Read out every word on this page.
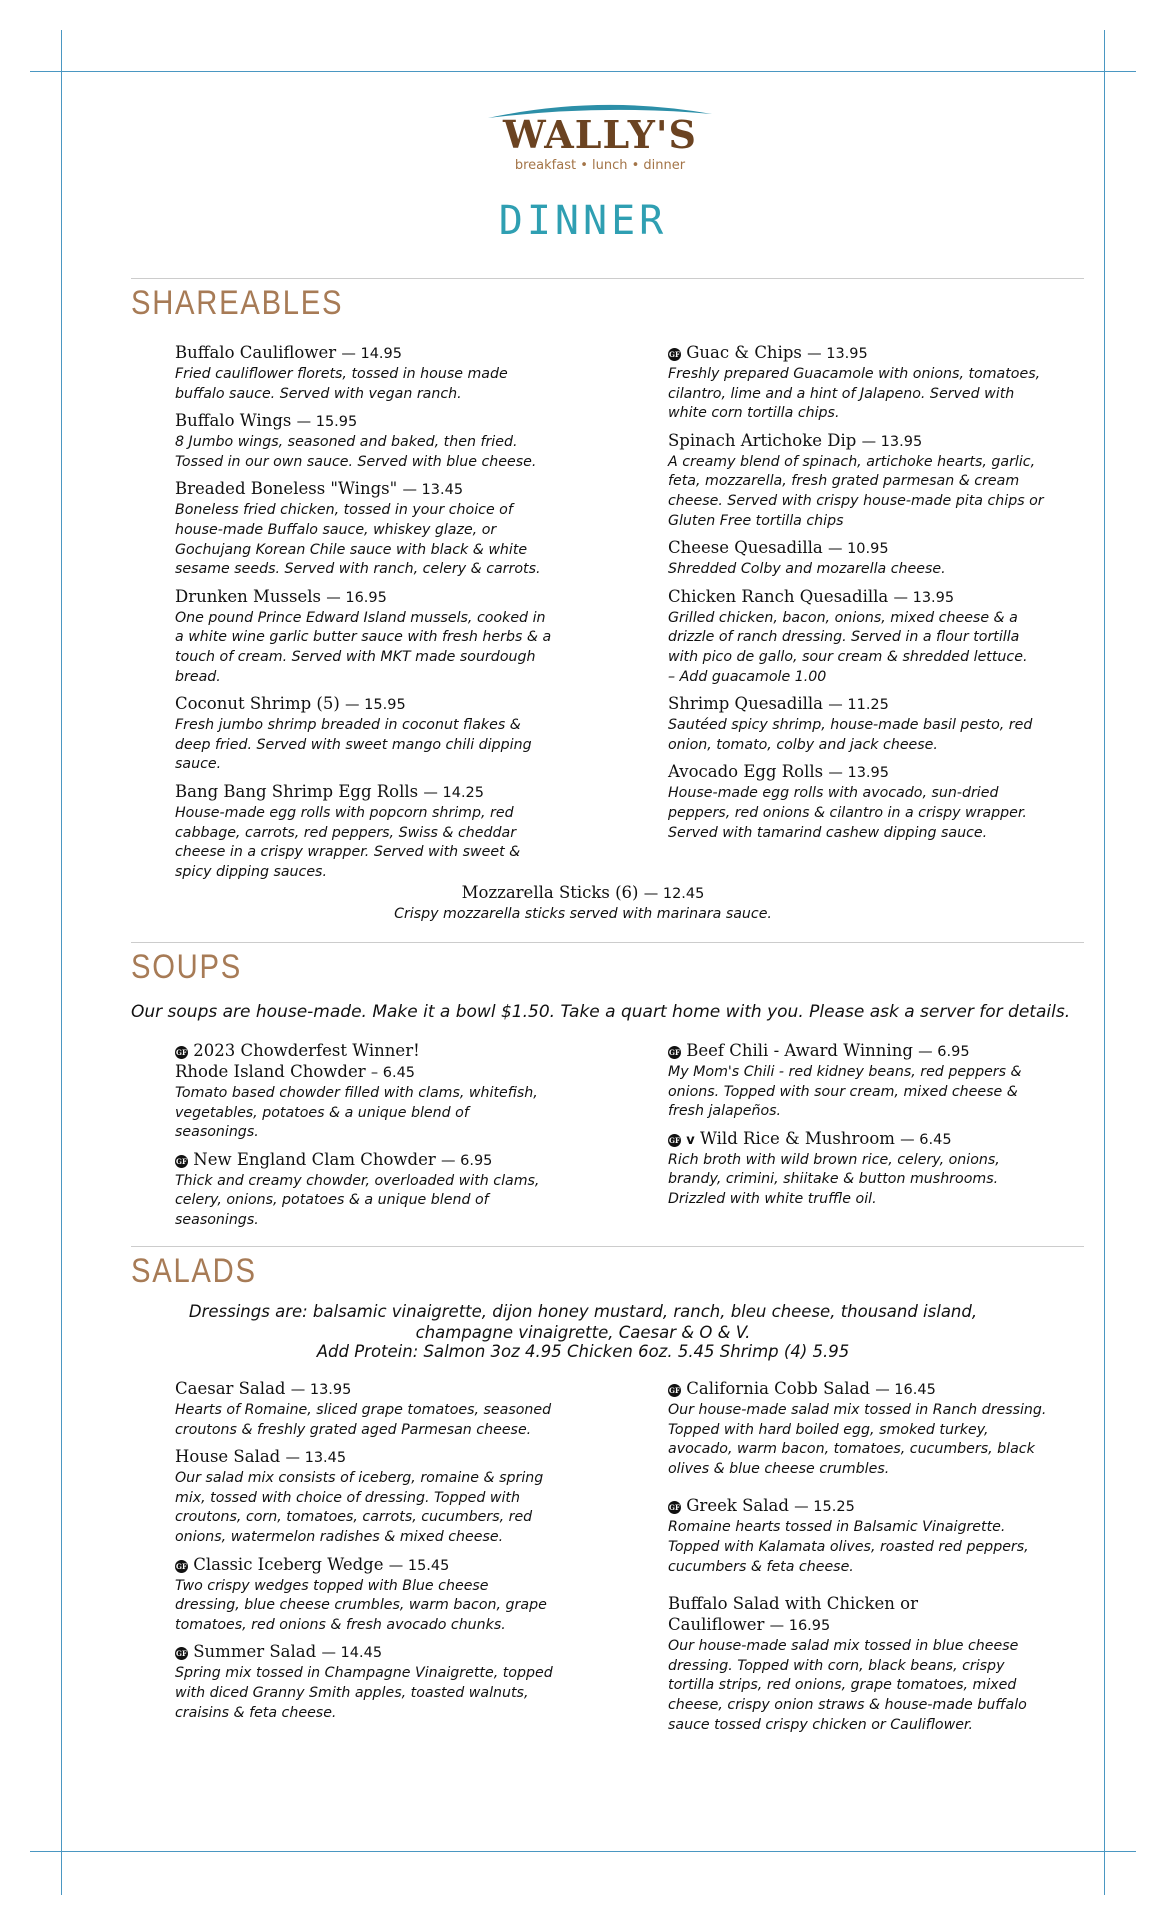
WALLY'S
breakfast • lunch • dinner
DINNER
SHAREABLES
Buffalo Cauliflower — 14.95
Fried cauliflower florets, tossed in house made
buffalo sauce. Served with vegan ranch.
Buffalo Wings — 15.95
8 Jumbo wings, seasoned and baked, then fried.
Tossed in our own sauce. Served with blue cheese.
Breaded Boneless "Wings" — 13.45
Boneless fried chicken, tossed in your choice of
house-made Buffalo sauce, whiskey glaze, or
Gochujang Korean Chile sauce with black & white
sesame seeds. Served with ranch, celery & carrots.
Drunken Mussels — 16.95
One pound Prince Edward Island mussels, cooked in
a white wine garlic butter sauce with fresh herbs & a
touch of cream. Served with MKT made sourdough
bread.
Coconut Shrimp (5) — 15.95
Fresh jumbo shrimp breaded in coconut flakes &
deep fried. Served with sweet mango chili dipping
sauce.
Bang Bang Shrimp Egg Rolls — 14.25
House-made egg rolls with popcorn shrimp, red
cabbage, carrots, red peppers, Swiss & cheddar
cheese in a crispy wrapper. Served with sweet &
spicy dipping sauces.
GF Guac & Chips — 13.95
Freshly prepared Guacamole with onions, tomatoes,
cilantro, lime and a hint of Jalapeno. Served with
white corn tortilla chips.
Spinach Artichoke Dip — 13.95
A creamy blend of spinach, artichoke hearts, garlic,
feta, mozzarella, fresh grated parmesan & cream
cheese. Served with crispy house-made pita chips or
Gluten Free tortilla chips
Cheese Quesadilla — 10.95
Shredded Colby and mozarella cheese.
Chicken Ranch Quesadilla — 13.95
Grilled chicken, bacon, onions, mixed cheese & a
drizzle of ranch dressing. Served in a flour tortilla
with pico de gallo, sour cream & shredded lettuce.
– Add guacamole 1.00
Shrimp Quesadilla — 11.25
Sautéed spicy shrimp, house-made basil pesto, red
onion, tomato, colby and jack cheese.
Avocado Egg Rolls — 13.95
House-made egg rolls with avocado, sun-dried
peppers, red onions & cilantro in a crispy wrapper.
Served with tamarind cashew dipping sauce.
Mozzarella Sticks (6) — 12.45
Crispy mozzarella sticks served with marinara sauce.
SOUPS
Our soups are house-made. Make it a bowl $1.50. Take a quart home with you. Please ask a server for details.
GF 2023 Chowderfest Winner!
Rhode Island Chowder – 6.45
Tomato based chowder filled with clams, whitefish,
vegetables, potatoes & a unique blend of
seasonings.
GF New England Clam Chowder — 6.95
Thick and creamy chowder, overloaded with clams,
celery, onions, potatoes & a unique blend of
seasonings.
GF Beef Chili - Award Winning — 6.95
My Mom's Chili - red kidney beans, red peppers &
onions. Topped with sour cream, mixed cheese &
fresh jalapeños.
GF v Wild Rice & Mushroom — 6.45
Rich broth with wild brown rice, celery, onions,
brandy, crimini, shiitake & button mushrooms.
Drizzled with white truffle oil.
SALADS
Dressings are: balsamic vinaigrette, dijon honey mustard, ranch, bleu cheese, thousand island,
champagne vinaigrette, Caesar & O & V.
Add Protein: Salmon 3oz 4.95 Chicken 6oz. 5.45 Shrimp (4) 5.95
Caesar Salad — 13.95
Hearts of Romaine, sliced grape tomatoes, seasoned
croutons & freshly grated aged Parmesan cheese.
House Salad — 13.45
Our salad mix consists of iceberg, romaine & spring
mix, tossed with choice of dressing. Topped with
croutons, corn, tomatoes, carrots, cucumbers, red
onions, watermelon radishes & mixed cheese.
GF Classic Iceberg Wedge — 15.45
Two crispy wedges topped with Blue cheese
dressing, blue cheese crumbles, warm bacon, grape
tomatoes, red onions & fresh avocado chunks.
GF Summer Salad — 14.45
Spring mix tossed in Champagne Vinaigrette, topped
with diced Granny Smith apples, toasted walnuts,
craisins & feta cheese.
GF California Cobb Salad — 16.45
Our house-made salad mix tossed in Ranch dressing.
Topped with hard boiled egg, smoked turkey,
avocado, warm bacon, tomatoes, cucumbers, black
olives & blue cheese crumbles.
GF Greek Salad — 15.25
Romaine hearts tossed in Balsamic Vinaigrette.
Topped with Kalamata olives, roasted red peppers,
cucumbers & feta cheese.
Buffalo Salad with Chicken or
Cauliflower — 16.95
Our house-made salad mix tossed in blue cheese
dressing. Topped with corn, black beans, crispy
tortilla strips, red onions, grape tomatoes, mixed
cheese, crispy onion straws & house-made buffalo
sauce tossed crispy chicken or Cauliflower.
